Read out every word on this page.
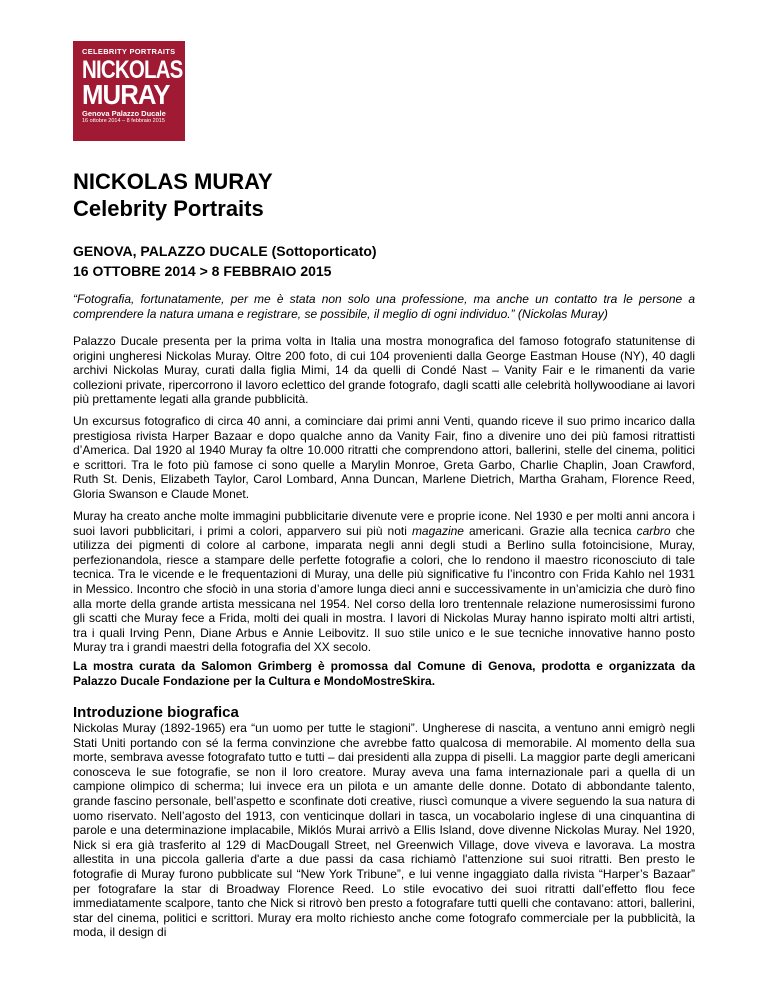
CELEBRITY PORTRAITS
NICKOLAS
MURAY
Genova Palazzo Ducale
16 ottobre 2014 – 8 febbraio 2015
NICKOLAS MURAY
Celebrity Portraits
GENOVA, PALAZZO DUCALE (Sottoporticato)
16 OTTOBRE 2014 > 8 FEBBRAIO 2015

“Fotografia, fortunatamente, per me è stata non solo una professione, ma anche un contatto tra le persone a comprendere la natura umana e registrare, se possibile, il meglio di ogni individuo.” (Nickolas Muray)

Palazzo Ducale presenta per la prima volta in Italia una mostra monografica del famoso fotografo statunitense di origini ungheresi Nickolas Muray. Oltre 200 foto, di cui 104 provenienti dalla George Eastman House (NY), 40 dagli archivi Nickolas Muray, curati dalla figlia Mimi, 14 da quelli di Condé Nast – Vanity Fair e le rimanenti da varie collezioni private, ripercorrono il lavoro eclettico del grande fotografo, dagli scatti alle celebrità hollywoodiane ai lavori più prettamente legati alla grande pubblicità.

Un excursus fotografico di circa 40 anni, a cominciare dai primi anni Venti, quando riceve il suo primo incarico dalla prestigiosa rivista Harper Bazaar e dopo qualche anno da Vanity Fair, fino a divenire uno dei più famosi ritrattisti d’America. Dal 1920 al 1940 Muray fa oltre 10.000 ritratti che comprendono attori, ballerini, stelle del cinema, politici e scrittori. Tra le foto più famose ci sono quelle a Marylin Monroe, Greta Garbo, Charlie Chaplin, Joan Crawford, Ruth St. Denis, Elizabeth Taylor, Carol Lombard, Anna Duncan, Marlene Dietrich, Martha Graham, Florence Reed, Gloria Swanson e Claude Monet.

Muray ha creato anche molte immagini pubblicitarie divenute vere e proprie icone. Nel 1930 e per molti anni ancora i suoi lavori pubblicitari, i primi a colori, apparvero sui più noti magazine americani. Grazie alla tecnica carbro che utilizza dei pigmenti di colore al carbone, imparata negli anni degli studi a Berlino sulla fotoincisione, Muray, perfezionandola, riesce a stampare delle perfette fotografie a colori, che lo rendono il maestro riconosciuto di tale tecnica. Tra le vicende e le frequentazioni di Muray, una delle più significative fu l’incontro con Frida Kahlo nel 1931 in Messico. Incontro che sfociò in una storia d’amore lunga dieci anni e successivamente in un’amicizia che durò fino alla morte della grande artista messicana nel 1954. Nel corso della loro trentennale relazione numerosissimi furono gli scatti che Muray fece a Frida, molti dei quali in mostra. I lavori di Nickolas Muray hanno ispirato molti altri artisti, tra i quali Irving Penn, Diane Arbus e Annie Leibovitz. Il suo stile unico e le sue tecniche innovative hanno posto Muray tra i grandi maestri della fotografia del XX secolo.

La mostra curata da Salomon Grimberg è promossa dal Comune di Genova, prodotta e organizzata da Palazzo Ducale Fondazione per la Cultura e MondoMostreSkira.

Introduzione biografica

Nickolas Muray (1892-1965) era “un uomo per tutte le stagioni”. Ungherese di nascita, a ventuno anni emigrò negli Stati Uniti portando con sé la ferma convinzione che avrebbe fatto qualcosa di memorabile. Al momento della sua morte, sembrava avesse fotografato tutto e tutti – dai presidenti alla zuppa di piselli. La maggior parte degli americani conosceva le sue fotografie, se non il loro creatore. Muray aveva una fama internazionale pari a quella di un campione olimpico di scherma; lui invece era un pilota e un amante delle donne. Dotato di abbondante talento, grande fascino personale, bell’aspetto e sconfinate doti creative, riuscì comunque a vivere seguendo la sua natura di uomo riservato. Nell’agosto del 1913, con venticinque dollari in tasca, un vocabolario inglese di una cinquantina di parole e una determinazione implacabile, Miklós Murai arrivò a Ellis Island, dove divenne Nickolas Muray. Nel 1920, Nick si era già trasferito al 129 di MacDougall Street, nel Greenwich Village, dove viveva e lavorava. La mostra allestita in una piccola galleria d'arte a due passi da casa richiamò l'attenzione sui suoi ritratti. Ben presto le fotografie di Muray furono pubblicate sul “New York Tribune”, e lui venne ingaggiato dalla rivista “Harper’s Bazaar” per fotografare la star di Broadway Florence Reed. Lo stile evocativo dei suoi ritratti dall’effetto flou fece immediatamente scalpore, tanto che Nick si ritrovò ben presto a fotografare tutti quelli che contavano: attori, ballerini, star del cinema, politici e scrittori. Muray era molto richiesto anche come fotografo commerciale per la pubblicità, la moda, il design di
